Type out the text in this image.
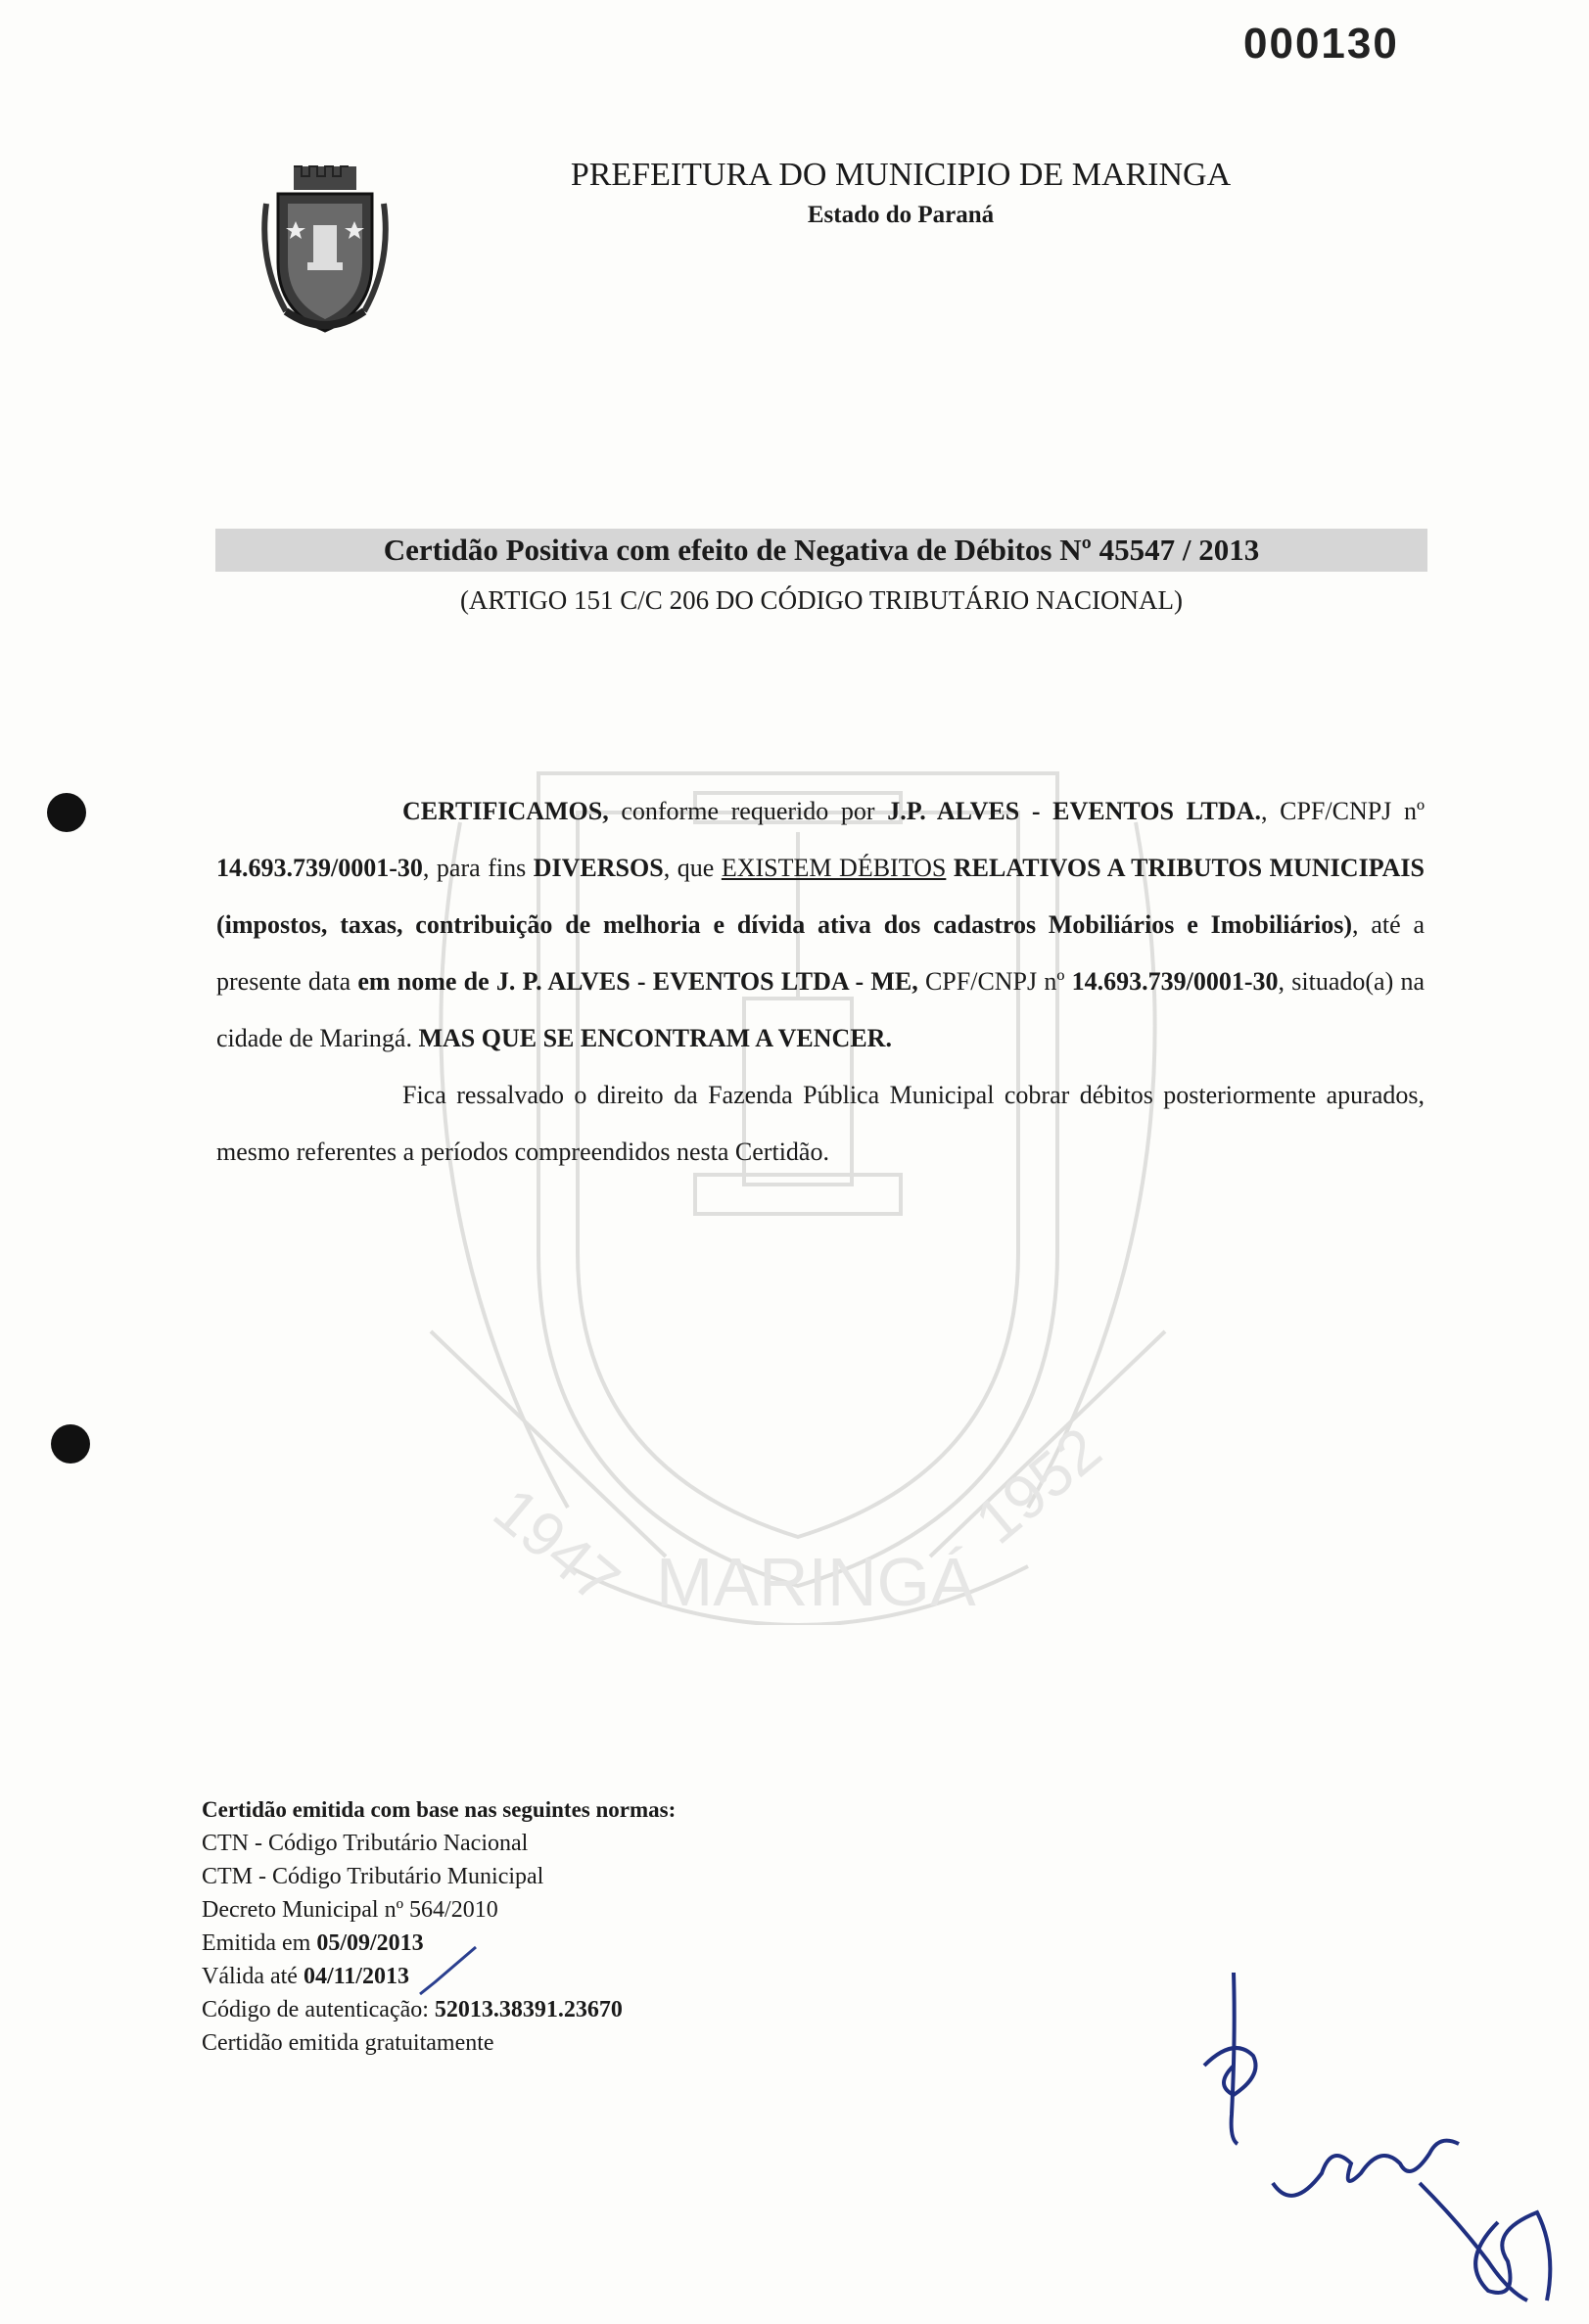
000130
PREFEITURA DO MUNICIPIO DE MARINGA
Estado do Paraná
Certidão Positiva com efeito de Negativa de Débitos Nº 45547 / 2013
(ARTIGO 151 C/C 206 DO CÓDIGO TRIBUTÁRIO NACIONAL)
1947	1952
MARINGÁ

CERTIFICAMOS, conforme requerido por J.P. ALVES - EVENTOS LTDA., CPF/CNPJ nº 14.693.739/0001-30, para fins DIVERSOS, que EXISTEM DÉBITOS RELATIVOS A TRIBUTOS MUNICIPAIS (impostos, taxas, contribuição de melhoria e dívida ativa dos cadastros Mobiliários e Imobiliários), até a presente data em nome de J. P. ALVES - EVENTOS LTDA - ME, CPF/CNPJ nº 14.693.739/0001-30, situado(a) na cidade de Maringá. MAS QUE SE ENCONTRAM A VENCER.

Fica ressalvado o direito da Fazenda Pública Municipal cobrar débitos posteriormente apurados, mesmo referentes a períodos compreendidos nesta Certidão.

Certidão emitida com base nas seguintes normas:
CTN - Código Tributário Nacional
CTM - Código Tributário Municipal
Decreto Municipal nº 564/2010
Emitida em 05/09/2013
Válida até 04/11/2013
Código de autenticação: 52013.38391.23670
Certidão emitida gratuitamente
